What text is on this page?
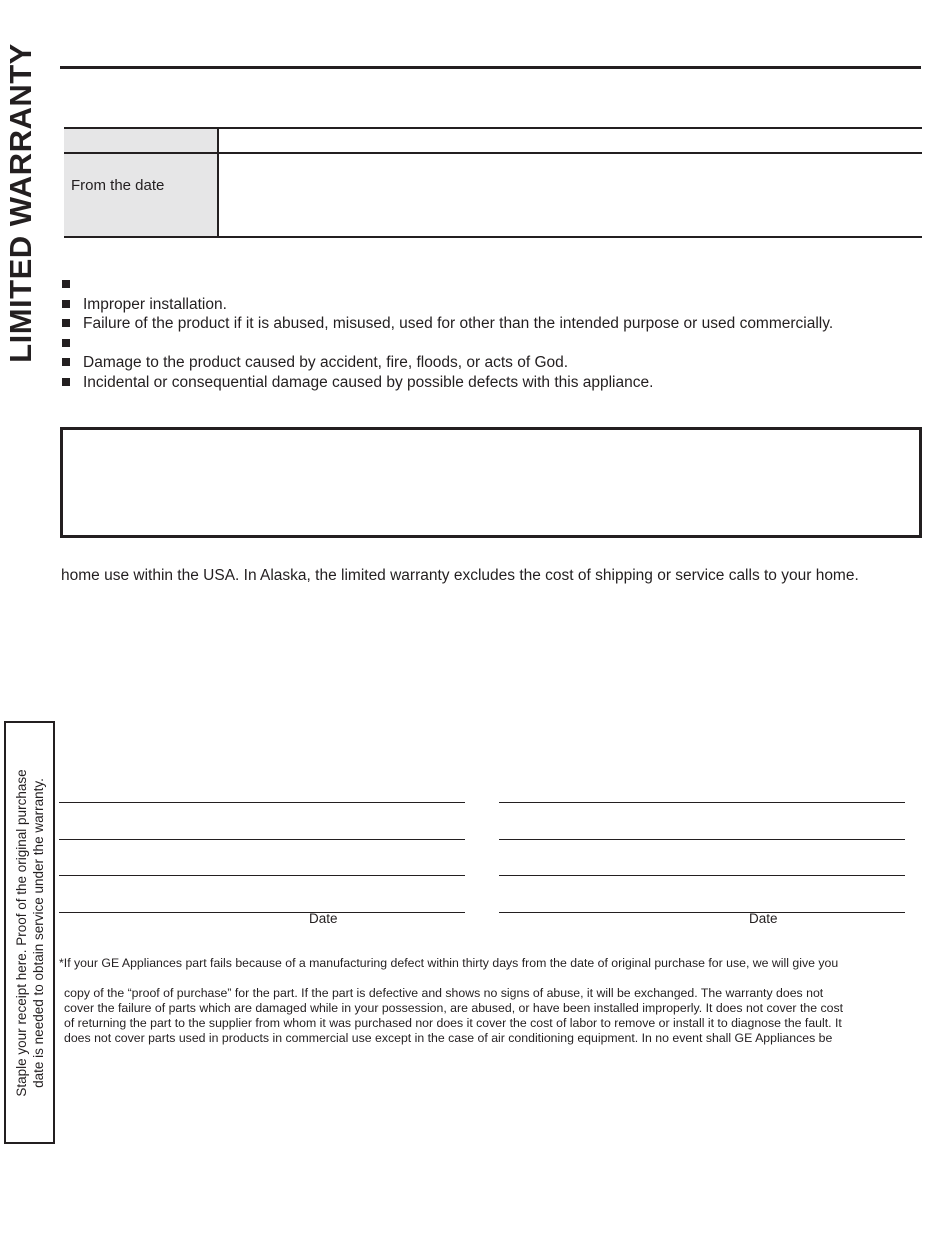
LIMITED WARRANTY From the date
Improper installation.
Failure of the product if it is abused, misused, used for other than the intended purpose or used commercially.
Damage to the product caused by accident, fire, floods, or acts of God.
Incidental or consequential damage caused by possible defects with this appliance.
home use within the USA. In Alaska, the limited warranty excludes the cost of shipping or service calls to your home.
Staple your receipt here. Proof of the original purchase date is needed to obtain service under the warranty.	Date	Date
*If your GE Appliances part fails because of a manufacturing defect within thirty days from the date of original purchase for use, we will give you
copy of the “proof of purchase” for the part. If the part is defective and shows no signs of abuse, it will be exchanged. The warranty does not
cover the failure of parts which are damaged while in your possession, are abused, or have been installed improperly. It does not cover the cost
of returning the part to the supplier from whom it was purchased nor does it cover the cost of labor to remove or install it to diagnose the fault. It
does not cover parts used in products in commercial use except in the case of air conditioning equipment. In no event shall GE Appliances be
